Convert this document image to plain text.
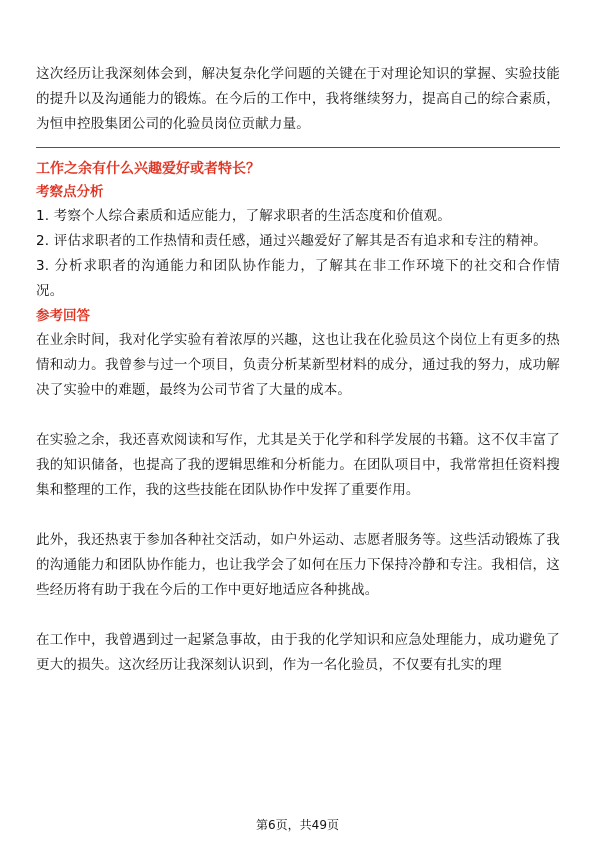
这次经历让我深刻体会到，解决复杂化学问题的关键在于对理论知识的掌握、实验技能的提升以及沟通能力的锻炼。在今后的工作中，我将继续努力，提高自己的综合素质，为恒申控股集团公司的化验员岗位贡献力量。

工作之余有什么兴趣爱好或者特长？
考察点分析

1. 考察个人综合素质和适应能力，了解求职者的生活态度和价值观。

2. 评估求职者的工作热情和责任感，通过兴趣爱好了解其是否有追求和专注的精神。

3. 分析求职者的沟通能力和团队协作能力，了解其在非工作环境下的社交和合作情况。

参考回答

在业余时间，我对化学实验有着浓厚的兴趣，这也让我在化验员这个岗位上有更多的热情和动力。我曾参与过一个项目，负责分析某新型材料的成分，通过我的努力，成功解决了实验中的难题，最终为公司节省了大量的成本。

在实验之余，我还喜欢阅读和写作，尤其是关于化学和科学发展的书籍。这不仅丰富了我的知识储备，也提高了我的逻辑思维和分析能力。在团队项目中，我常常担任资料搜集和整理的工作，我的这些技能在团队协作中发挥了重要作用。

此外，我还热衷于参加各种社交活动，如户外运动、志愿者服务等。这些活动锻炼了我的沟通能力和团队协作能力，也让我学会了如何在压力下保持冷静和专注。我相信，这些经历将有助于我在今后的工作中更好地适应各种挑战。

在工作中，我曾遇到过一起紧急事故，由于我的化学知识和应急处理能力，成功避免了更大的损失。这次经历让我深刻认识到，作为一名化验员，不仅要有扎实的理

第6页，共49页
